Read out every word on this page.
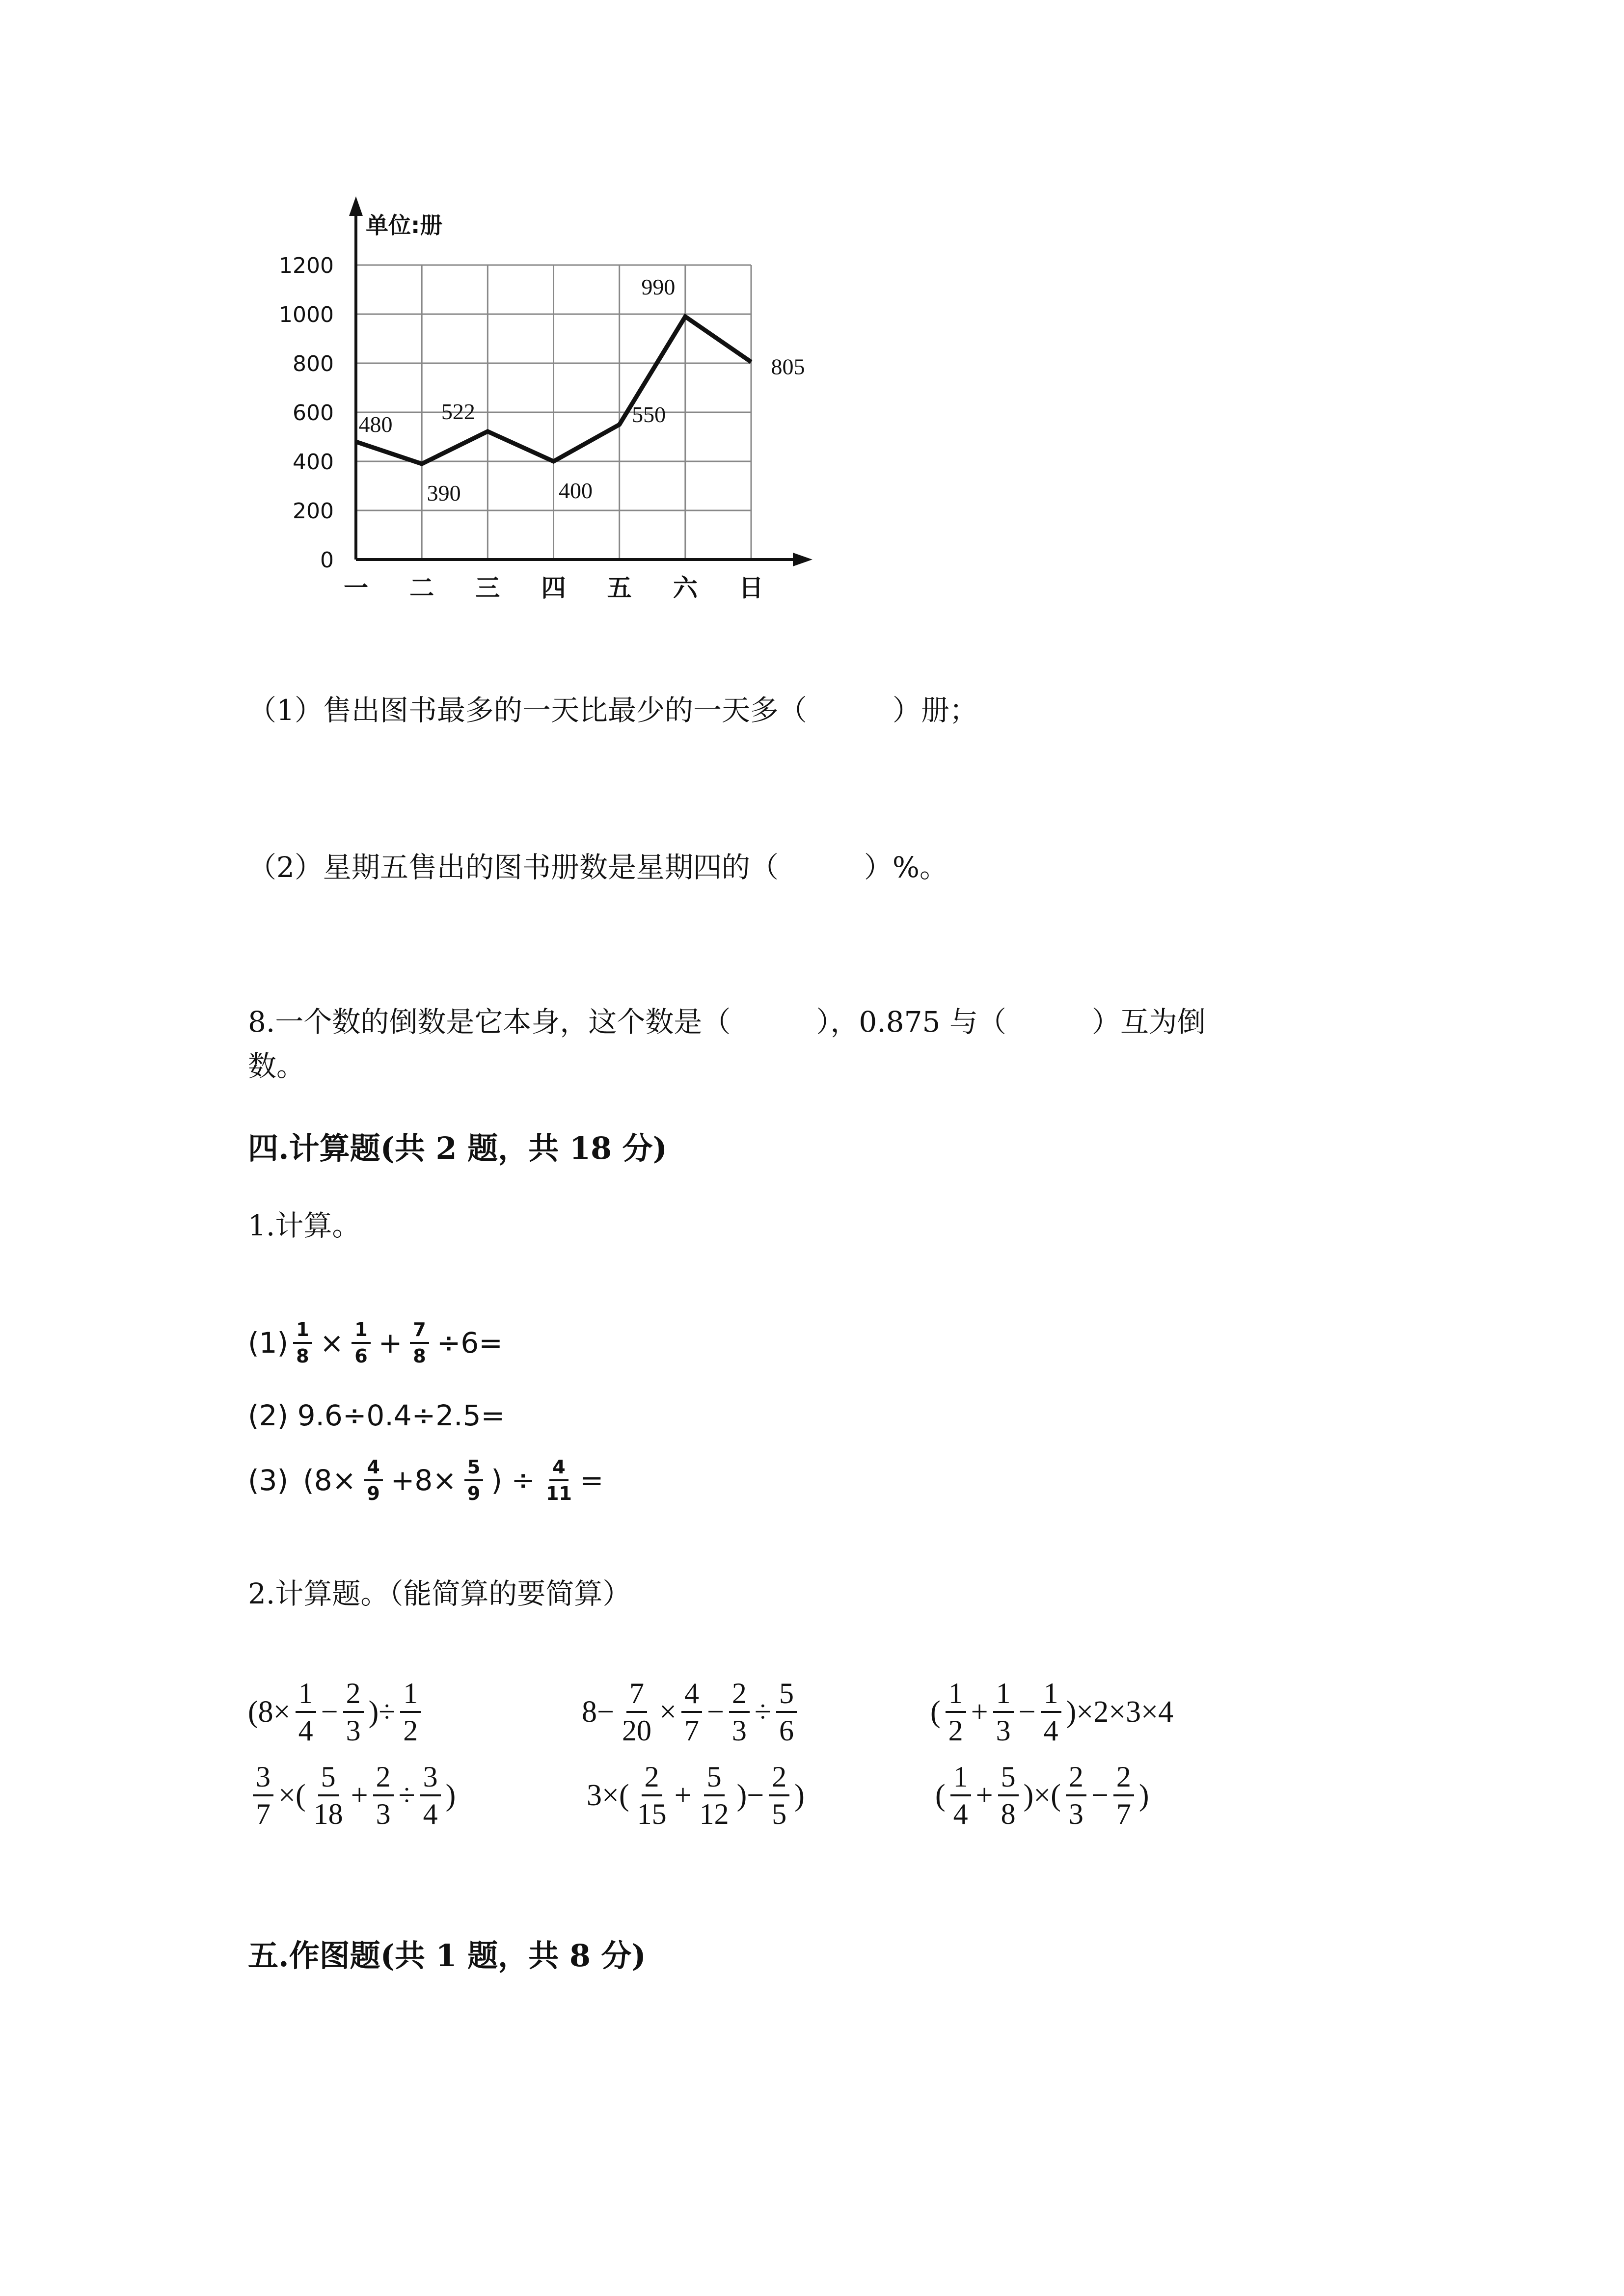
单位:册
0
200
400
600
800
1000
1200
一 二 三 四 五 六 日
480
390
522
400
550
990
805
（1）售出图书最多的一天比最少的一天多（　　　）册；
（2）星期五售出的图书册数是星期四的（　　　）%。
8.一个数的倒数是它本身，这个数是（　　　），0.875 与（　　　）互为倒
数。
四.计算题(共 2 题，共 18 分)
1.计算。
$(1) \frac{1}{8} \times \frac{1}{6} + \frac{7}{8} \div 6=$
(2) 9.6÷0.4÷2.5=
(3) ($8\times \frac{4}{9} +8\times \frac{5}{9}$ ) ÷ $\frac{4}{11}$ =
2.计算题。（能简算的要简算）
($8\times \frac{1}{4} - \frac{2}{3}$ )÷ $\frac{1}{2}$	$8- \frac{7}{20} \times \frac{4}{7} - \frac{2}{3} \div \frac{5}{6}$	( $\frac{1}{2} + \frac{1}{3} - \frac{1}{4} )\times 2\times 3\times 4$
$\frac{3}{7}$ ×( $\frac{5}{18} + \frac{2}{3} \div \frac{3}{4}$ )	$3\times( \frac{2}{15} + \frac{5}{12}$ )− $\frac{2}{5}$ )	( $\frac{1}{4} + \frac{5}{8}$ )×( $\frac{2}{3} - \frac{2}{7}$ )
五.作图题(共 1 题，共 8 分)
